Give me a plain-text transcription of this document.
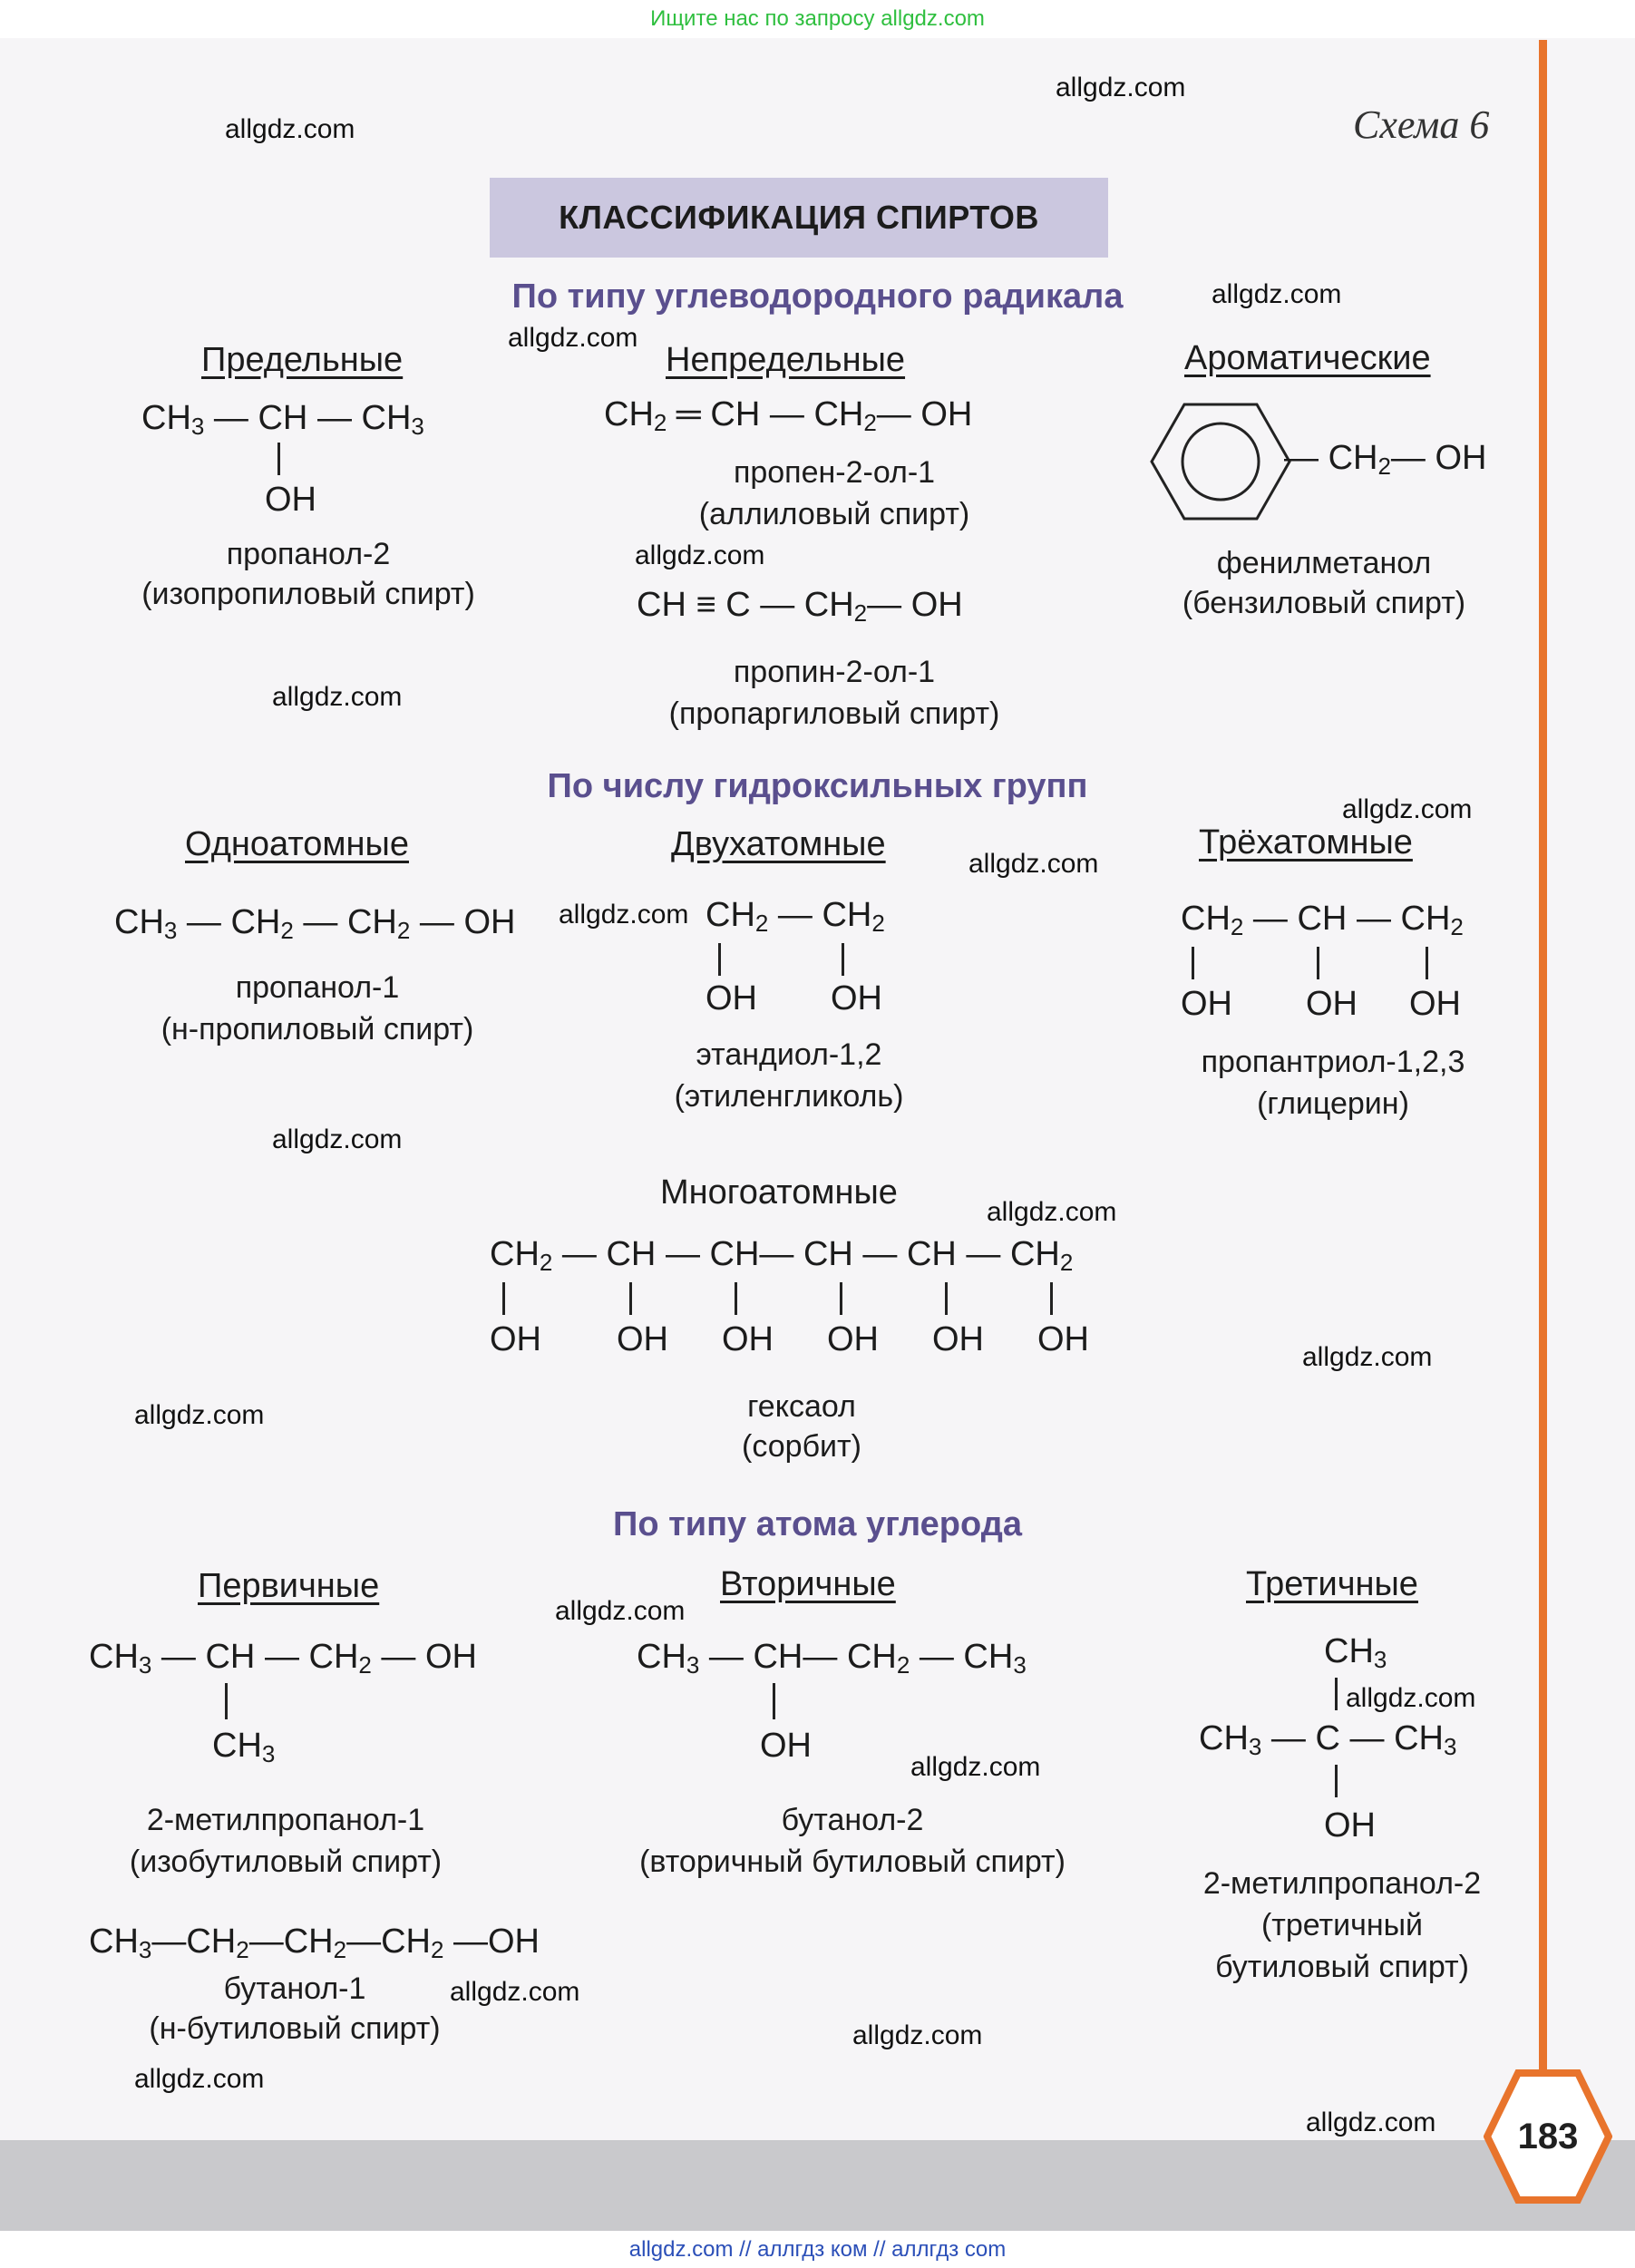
Ищите нас по запросу allgdz.com
Схема 6
КЛАССИФИКАЦИЯ СПИРТОВ
По типу углеводородного радикала
Предельные	Непредельные	Ароматические
$CH_3$ — CH — $CH_3$
OH
пропанол-2
(изопропиловый спирт)
$CH_2$ ═ CH — $CH_2—$ OH
пропен-2-ол-1
(аллиловый спирт)
CH ≡ C — $CH_2—$ OH
пропин-2-ол-1
(пропаргиловый спирт)
— $CH_2—$ OH
фенилметанол
(бензиловый спирт)
По числу гидроксильных групп
Одноатомные	Двухатомные	Трёхатомные
$CH_3$ — $CH_2$ — $CH_2$ — OH
пропанол-1
(н-пропиловый спирт)
$CH_2$ — $CH_2$
OH OH
этандиол-1,2
(этиленгликоль)
$CH_2$ — CH — $CH_2$
OH OH OH
пропантриол-1,2,3
(глицерин)
Многоатомные
$CH_2$ — CH — CH— CH — CH — $CH_2$
OH OH OH OH OH OH
гексаол
(сорбит)
По типу атома углерода
Первичные	Вторичные	Третичные
$CH_3$ — CH — $CH_2$ — OH
$CH_3$
2-метилпропанол-1
(изобутиловый спирт)
$CH_3—CH_2—CH_2—CH_2$ —OH
бутанол-1
(н-бутиловый спирт)
$CH_3$ — CH— $CH_2$ — $CH_3$
OH
бутанол-2
(вторичный бутиловый спирт)
$CH_3$
$CH_3$ — C — $CH_3$
OH
2-метилпропанол-2
(третичный
бутиловый спирт)
allgdz.com
allgdz.com
allgdz.com
allgdz.com
allgdz.com
allgdz.com
allgdz.com
allgdz.com
allgdz.com
allgdz.com
allgdz.com
allgdz.com
allgdz.com
allgdz.com
allgdz.com
allgdz.com
allgdz.com
allgdz.com
allgdz.com
allgdz.com	183
allgdz.com // аллгдз ком // аллгдз com
